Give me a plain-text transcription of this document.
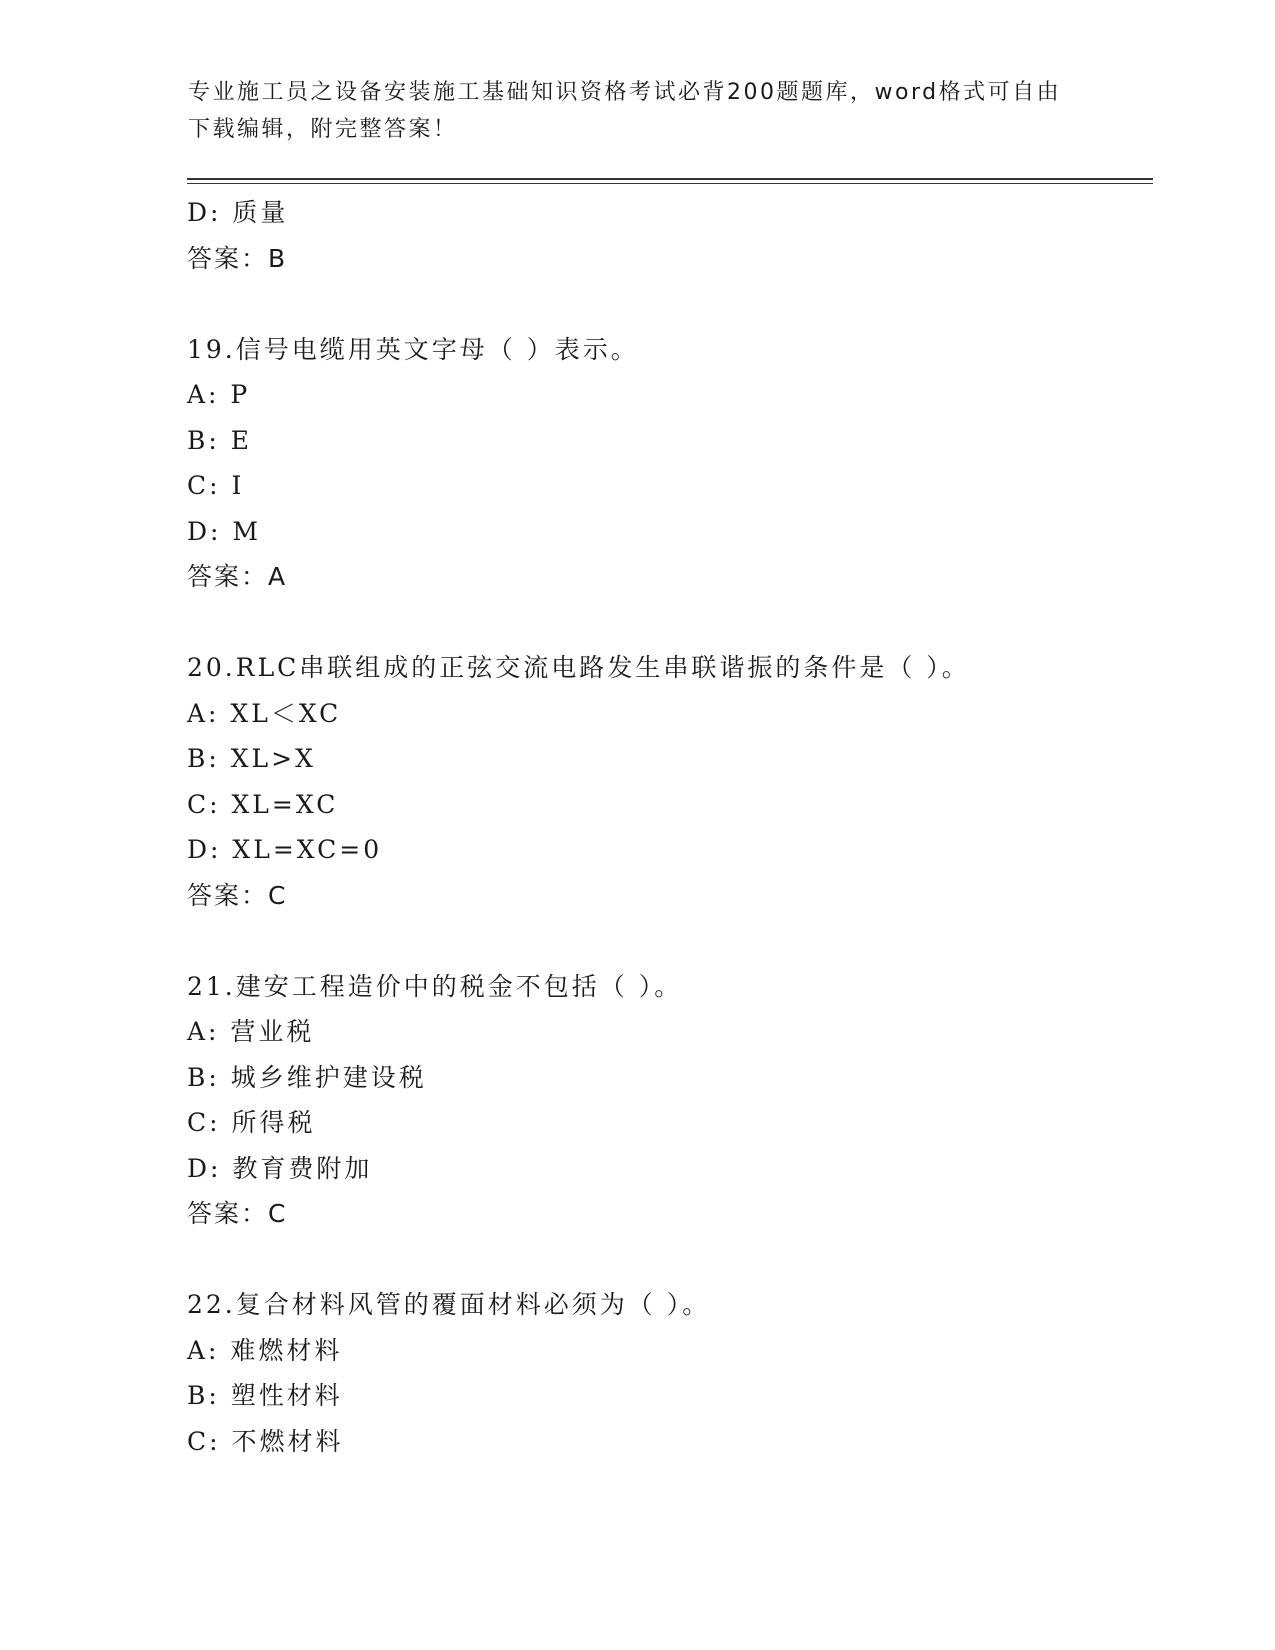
专业施工员之设备安装施工基础知识资格考试必背200题题库，word格式可自由
下载编辑，附完整答案！
D: 质量
答案：B
19.信号电缆用英文字母（ ）表示。
A: P
B: E
C: I
D: M
答案：A
20.RLC串联组成的正弦交流电路发生串联谐振的条件是（ ）。
A: XL＜XC
B: XL>X
C: XL=XC
D: XL=XC=0
答案：C
21.建安工程造价中的税金不包括（ ）。
A: 营业税
B: 城乡维护建设税
C: 所得税
D: 教育费附加
答案：C
22.复合材料风管的覆面材料必须为（ ）。
A: 难燃材料
B: 塑性材料
C: 不燃材料
